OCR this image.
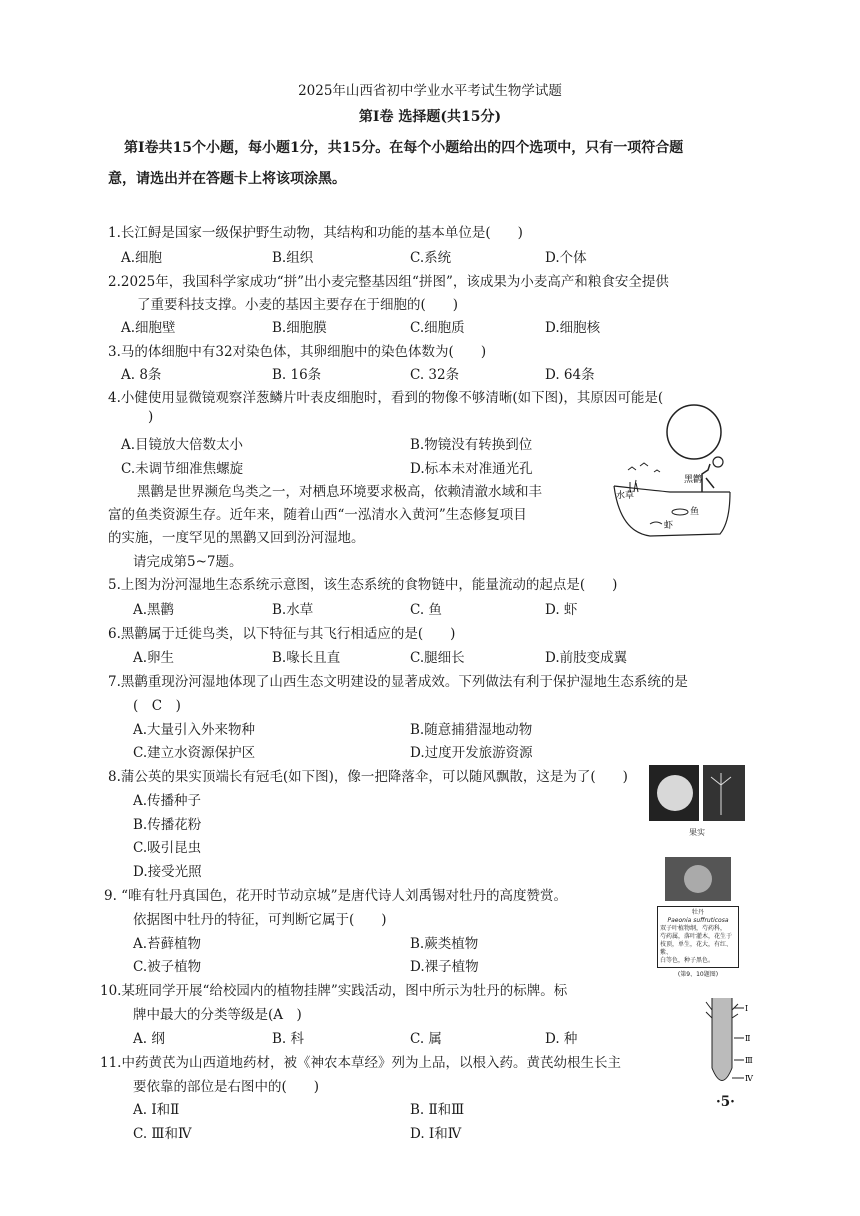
2025年山西省初中学业水平考试生物学试题
第Ⅰ卷 选择题(共15分)
第Ⅰ卷共15个小题，每小题1分，共15分。在每个小题给出的四个选项中，只有一项符合题
意，请选出并在答题卡上将该项涂黑。
1.长江鲟是国家一级保护野生动物，其结构和功能的基本单位是(　　)
A.细胞	B.组织	C.系统	D.个体
2.2025年，我国科学家成功“拼”出小麦完整基因组“拼图”，该成果为小麦高产和粮食安全提供
了重要科技支撑。小麦的基因主要存在于细胞的(　　)
A.细胞壁	B.细胞膜	C.细胞质	D.细胞核
3.马的体细胞中有32对染色体，其卵细胞中的染色体数为(　　)
A. 8条	B. 16条	C. 32条	D. 64条
4.小健使用显微镜观察洋葱鳞片叶表皮细胞时，看到的物像不够清晰(如下图)，其原因可能是(
)
A.目镜放大倍数太小	B.物镜没有转换到位
C.未调节细准焦螺旋	D.标本未对准通光孔
黑鹳是世界濒危鸟类之一，对栖息环境要求极高，依赖清澈水域和丰
富的鱼类资源生存。近年来，随着山西“一泓清水入黄河”生态修复项目
的实施，一度罕见的黑鹳又回到汾河湿地。
请完成第5~7题。
5.上图为汾河湿地生态系统示意图，该生态系统的食物链中，能量流动的起点是(　　)
A.黑鹳	B.水草	C. 鱼	D. 虾
6.黑鹳属于迁徙鸟类，以下特征与其飞行相适应的是(　　)
A.卵生	B.喙长且直	C.腿细长	D.前肢变成翼
7.黑鹳重现汾河湿地体现了山西生态文明建设的显著成效。下列做法有利于保护湿地生态系统的是
(　C　)
A.大量引入外来物种	B.随意捕猎湿地动物
C.建立水资源保护区	D.过度开发旅游资源
8.蒲公英的果实顶端长有冠毛(如下图)，像一把降落伞，可以随风飘散，这是为了(　　)
A.传播种子
B.传播花粉
C.吸引昆虫
D.接受光照
9. “唯有牡丹真国色，花开时节动京城”是唐代诗人刘禹锡对牡丹的高度赞赏。
依据图中牡丹的特征，可判断它属于(　　)
A.苔藓植物	B.蕨类植物
C.被子植物	D.裸子植物
10.某班同学开展“给校园内的植物挂牌”实践活动，图中所示为牡丹的标牌。标
牌中最大的分类等级是(A　)
A. 纲	B. 科	C. 属	D. 种
11.中药黄芪为山西道地药材，被《神农本草经》列为上品，以根入药。黄芪幼根生长主
要依靠的部位是右图中的(　　)
A. Ⅰ和Ⅱ	B. Ⅱ和Ⅲ
C. Ⅲ和Ⅳ	D. Ⅰ和Ⅳ
水草
黑鹳
虾
鱼
果实
牡丹
Paeonia suffruticosa
双子叶植物纲，芍药科，
芍药属，落叶灌木，花生于
枝顶，单生，花大，有红、紫、
白等色，种子黑色。
(第9、10题图)
Ⅰ
Ⅱ
Ⅲ
Ⅳ
·5·
